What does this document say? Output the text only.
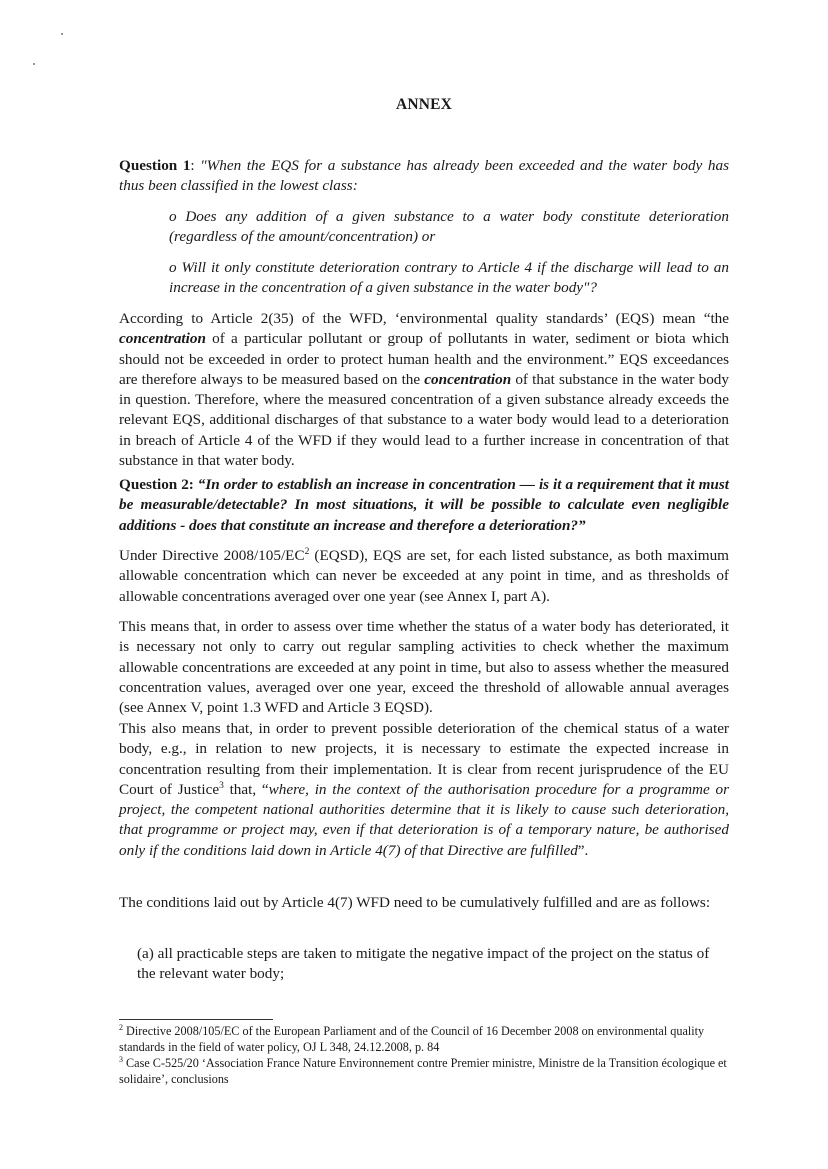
ANNEX

Question 1: "When the EQS for a substance has already been exceeded and the water body has thus been classified in the lowest class:

o Does any addition of a given substance to a water body constitute deterioration (regardless of the amount/concentration) or

o Will it only constitute deterioration contrary to Article 4 if the discharge will lead to an increase in the concentration of a given substance in the water body"?

According to Article 2(35) of the WFD, ‘environmental quality standards’ (EQS) mean “the concentration of a particular pollutant or group of pollutants in water, sediment or biota which should not be exceeded in order to protect human health and the environment.” EQS exceedances are therefore always to be measured based on the concentration of that substance in the water body in question. Therefore, where the measured concentration of a given substance already exceeds the relevant EQS, additional discharges of that substance to a water body would lead to a deterioration in breach of Article 4 of the WFD if they would lead to a further increase in concentration of that substance in that water body.

Question 2: “In order to establish an increase in concentration — is it a requirement that it must be measurable/detectable? In most situations, it will be possible to calculate even negligible additions - does that constitute an increase and therefore a deterioration?”

Under Directive $2008/105/EC^2$ (EQSD), EQS are set, for each listed substance, as both maximum allowable concentration which can never be exceeded at any point in time, and as thresholds of allowable concentrations averaged over one year (see Annex I, part A).

This means that, in order to assess over time whether the status of a water body has deteriorated, it is necessary not only to carry out regular sampling activities to check whether the maximum allowable concentrations are exceeded at any point in time, but also to assess whether the measured concentration values, averaged over one year, exceed the threshold of allowable annual averages (see Annex V, point 1.3 WFD and Article 3 EQSD).

This also means that, in order to prevent possible deterioration of the chemical status of a water body, e.g., in relation to new projects, it is necessary to estimate the expected increase in concentration resulting from their implementation. It is clear from recent jurisprudence of the EU Court of Justice$^3$ that, “where, in the context of the authorisation procedure for a programme or project, the competent national authorities determine that it is likely to cause such deterioration, that programme or project may, even if that deterioration is of a temporary nature, be authorised only if the conditions laid down in Article 4(7) of that Directive are fulfilled”.

The conditions laid out by Article 4(7) WFD need to be cumulatively fulfilled and are as follows:

(a) all practicable steps are taken to mitigate the negative impact of the project on the status of the relevant water body;

$^2$ Directive 2008/105/EC of the European Parliament and of the Council of 16 December 2008 on environmental quality standards in the field of water policy, OJ L 348, 24.12.2008, p. 84

$^3$ Case C-525/20 ‘Association France Nature Environnement contre Premier ministre, Ministre de la Transition écologique et solidaire’, conclusions
